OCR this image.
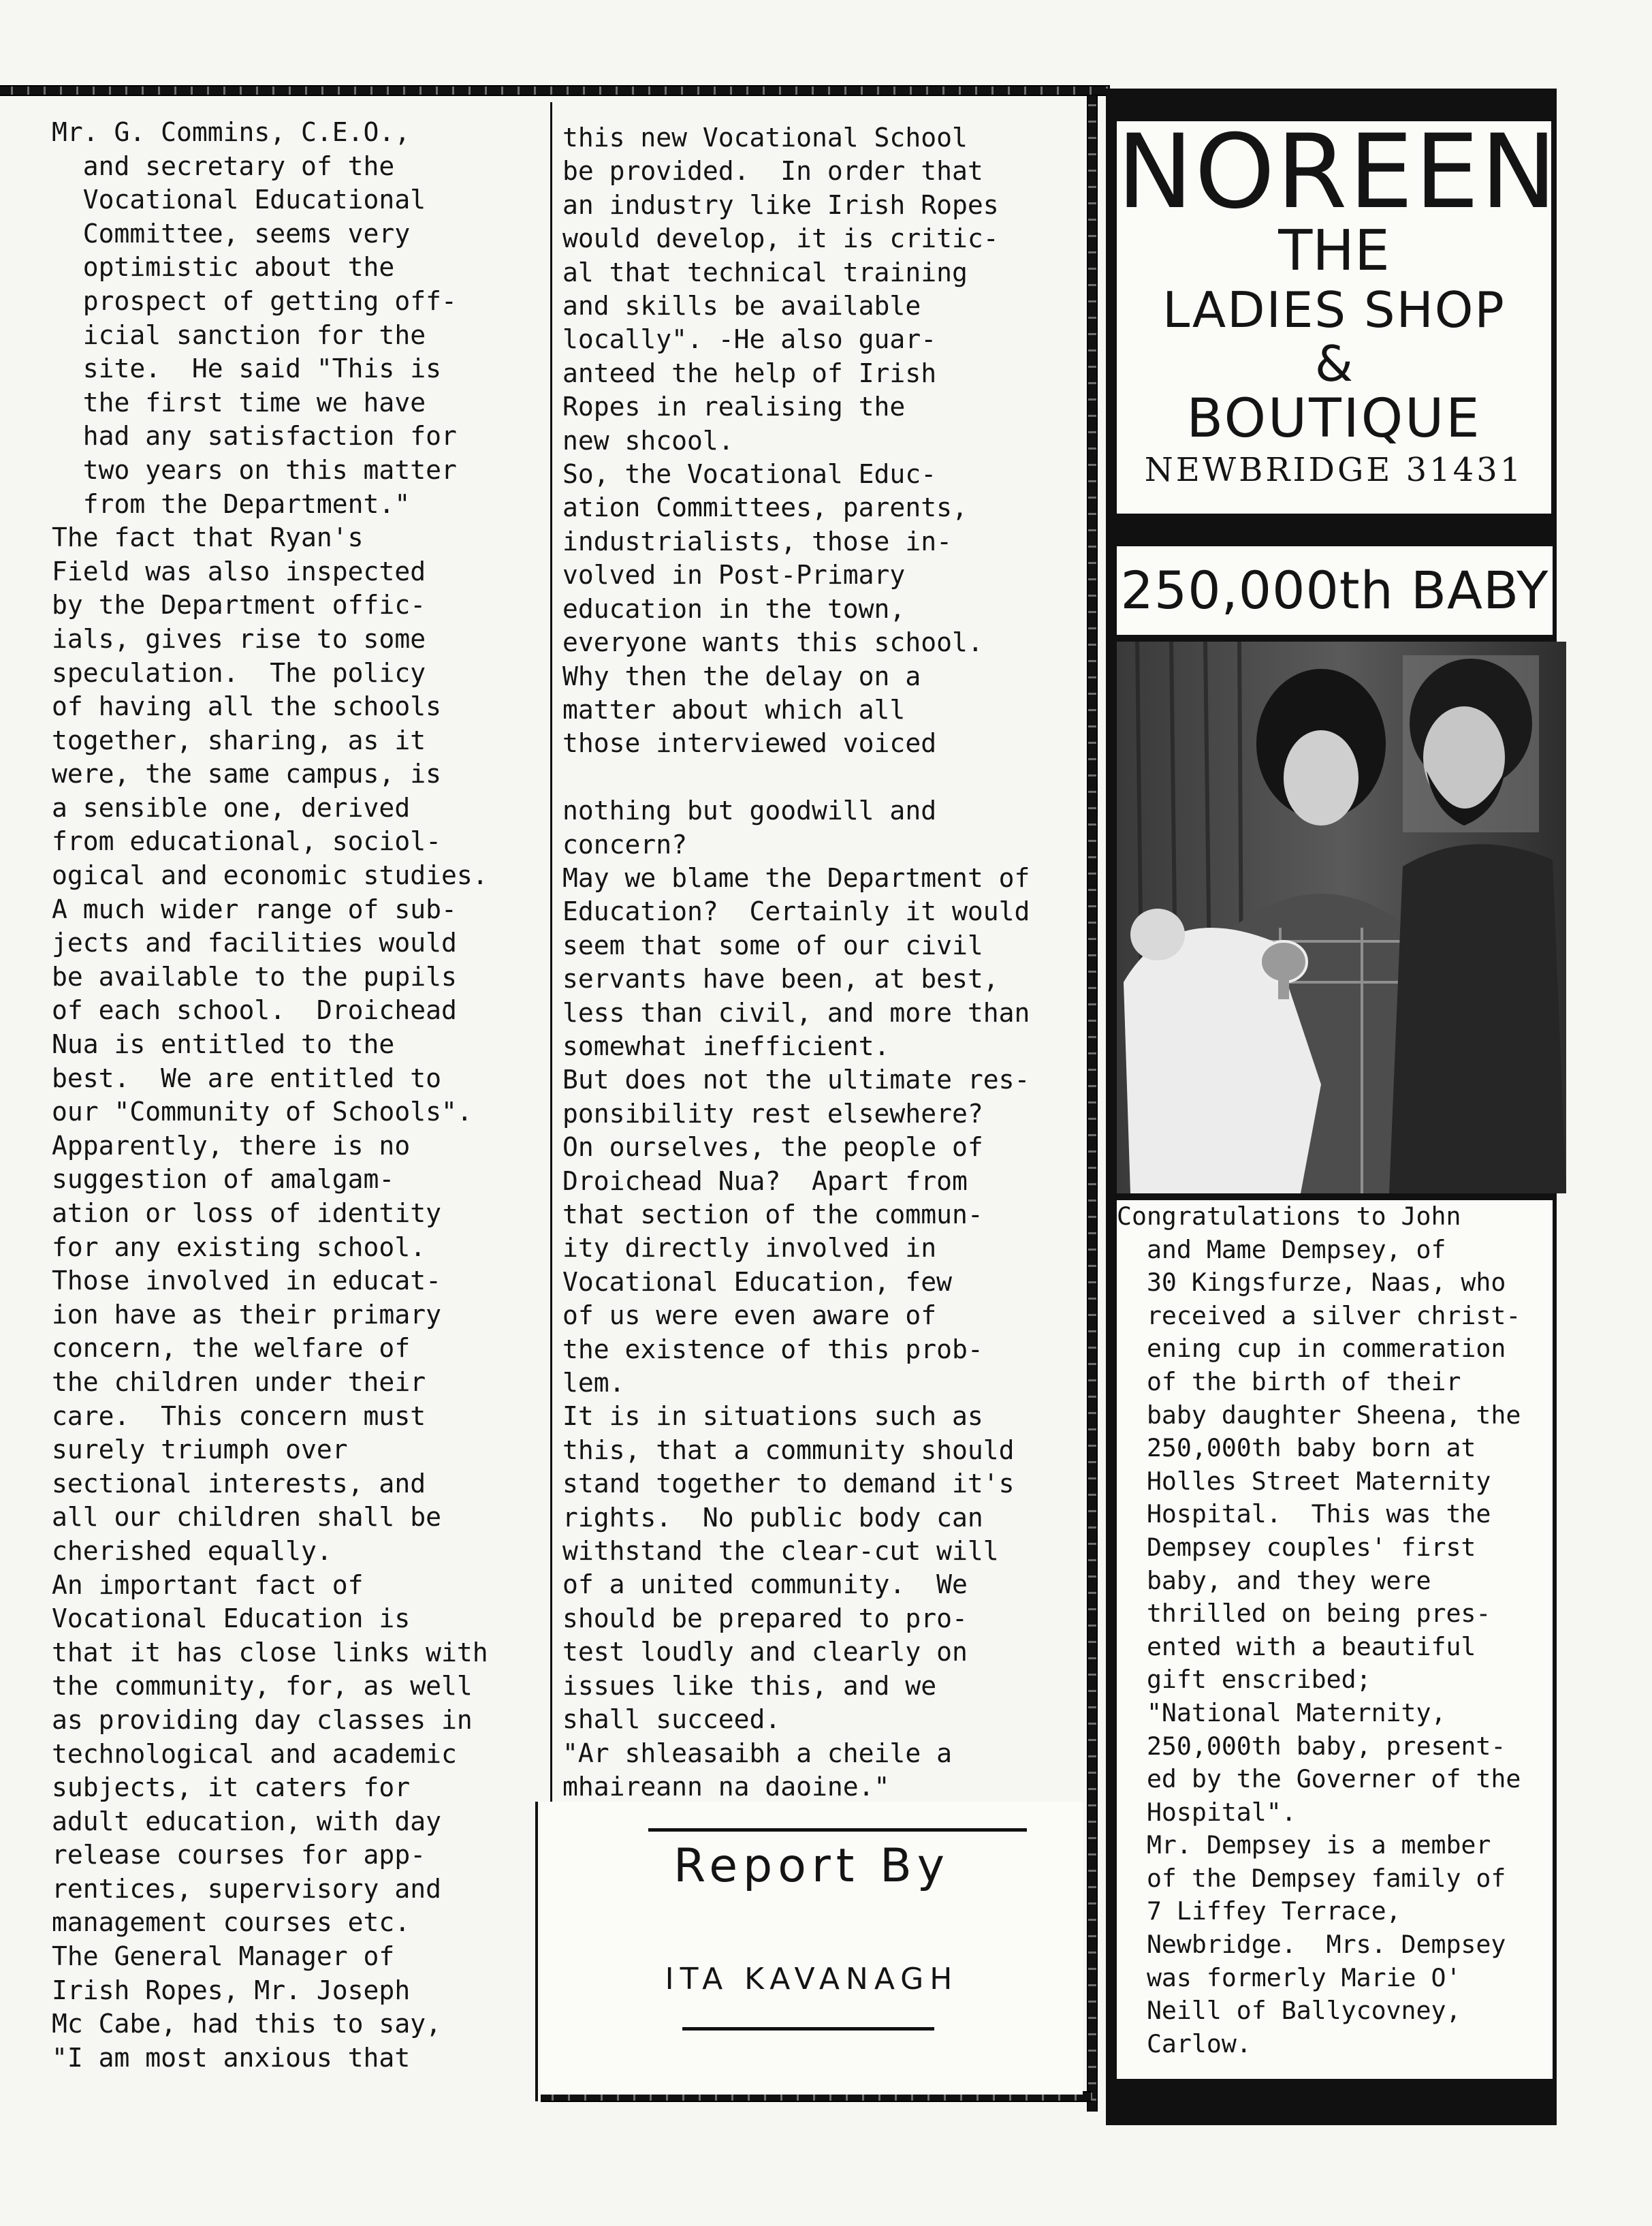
Mr. G. Commins, C.E.O.,
and secretary of the
Vocational Educational
Committee, seems very
optimistic about the
prospect of getting off-
icial sanction for the
site.  He said "This is
the first time we have
had any satisfaction for
two years on this matter
from the Department."
The fact that Ryan's
Field was also inspected
by the Department offic-
ials, gives rise to some
speculation.  The policy
of having all the schools
together, sharing, as it
were, the same campus, is
a sensible one, derived
from educational, sociol-
ogical and economic studies.
A much wider range of sub-
jects and facilities would
be available to the pupils
of each school.  Droichead
Nua is entitled to the
best.  We are entitled to
our "Community of Schools".
Apparently, there is no
suggestion of amalgam-
ation or loss of identity
for any existing school.
Those involved in educat-
ion have as their primary
concern, the welfare of
the children under their
care.  This concern must
surely triumph over
sectional interests, and
all our children shall be
cherished equally.
An important fact of
Vocational Education is
that it has close links with
the community, for, as well
as providing day classes in
technological and academic
subjects, it caters for
adult education, with day
release courses for app-
rentices, supervisory and
management courses etc.
The General Manager of
Irish Ropes, Mr. Joseph
Mc Cabe, had this to say,
"I am most anxious that
this new Vocational School
be provided.  In order that
an industry like Irish Ropes
would develop, it is critic-
al that technical training
and skills be available
locally". -He also guar-
anteed the help of Irish
Ropes in realising the
new shcool.
So, the Vocational Educ-
ation Committees, parents,
industrialists, those in-
volved in Post-Primary
education in the town,
everyone wants this school.
Why then the delay on a
matter about which all
those interviewed voiced

nothing but goodwill and
concern?
May we blame the Department of
Education?  Certainly it would
seem that some of our civil
servants have been, at best,
less than civil, and more than
somewhat inefficient.
But does not the ultimate res-
ponsibility rest elsewhere?
On ourselves, the people of
Droichead Nua?  Apart from
that section of the commun-
ity directly involved in
Vocational Education, few
of us were even aware of
the existence of this prob-
lem.
It is in situations such as
this, that a community should
stand together to demand it's
rights.  No public body can
withstand the clear-cut will
of a united community.  We
should be prepared to pro-
test loudly and clearly on
issues like this, and we
shall succeed.
"Ar shleasaibh a cheile a
mhaireann na daoine."
Report By
ITA KAVANAGH
NOREEN
THE
LADIES SHOP
&
BOUTIQUE
NEWBRIDGE 31431
250,000th BABY
Congratulations to John
and Mame Dempsey, of
30 Kingsfurze, Naas, who
received a silver christ-
ening cup in commeration
of the birth of their
baby daughter Sheena, the
250,000th baby born at
Holles Street Maternity
Hospital.  This was the
Dempsey couples' first
baby, and they were
thrilled on being pres-
ented with a beautiful
gift enscribed;
"National Maternity,
250,000th baby, present-
ed by the Governer of the
Hospital".
Mr. Dempsey is a member
of the Dempsey family of
7 Liffey Terrace,
Newbridge.  Mrs. Dempsey
was formerly Marie O'
Neill of Ballycovney,
Carlow.
